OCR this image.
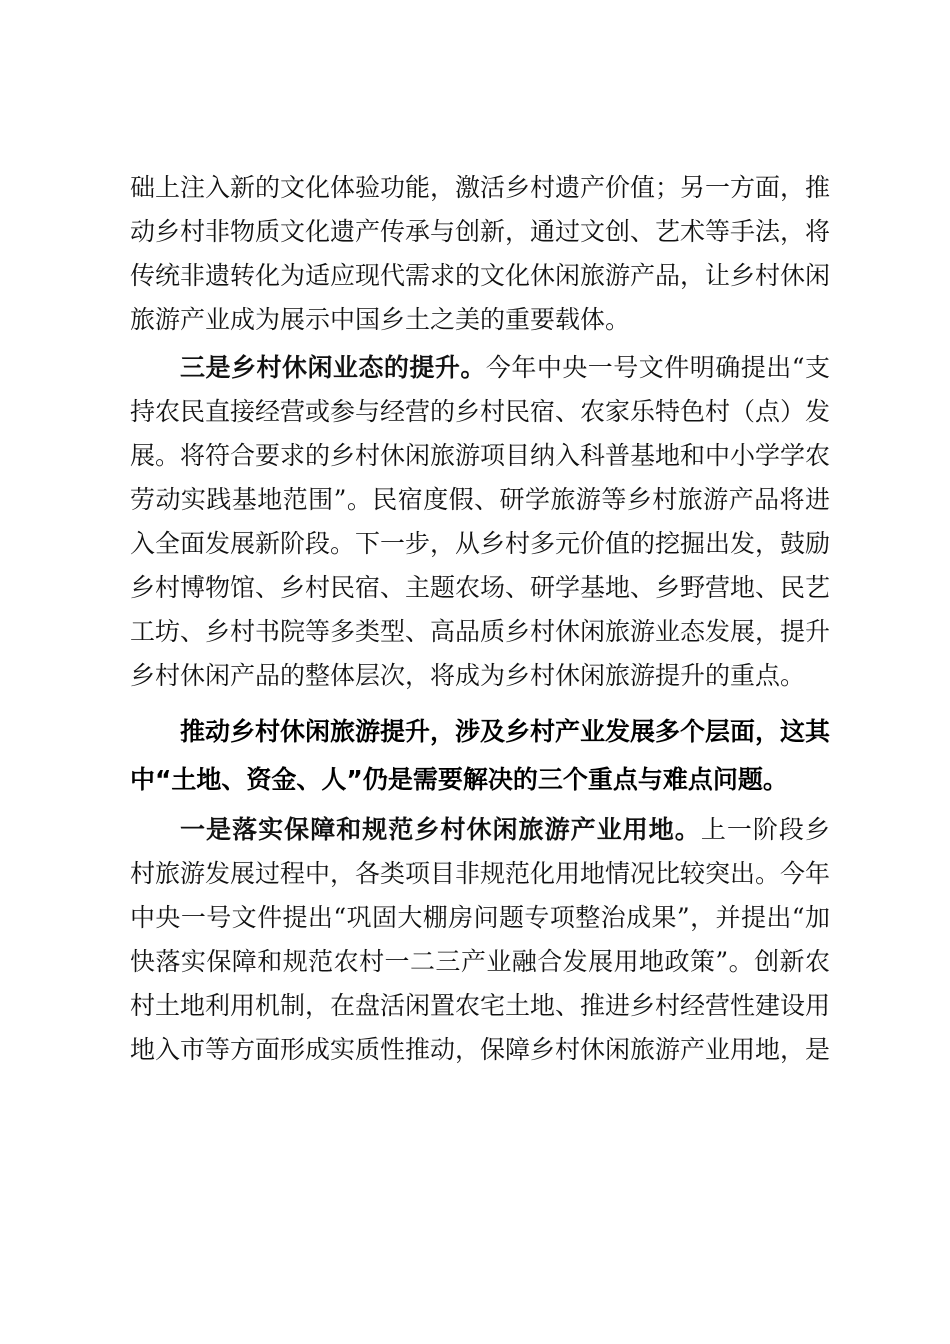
础上注入新的文化体验功能，激活乡村遗产价值；另一方面，推动乡村非物质文化遗产传承与创新，通过文创、艺术等手法，将传统非遗转化为适应现代需求的文化休闲旅游产品，让乡村休闲旅游产业成为展示中国乡土之美的重要载体。

三是乡村休闲业态的提升。今年中央一号文件明确提出“支持农民直接经营或参与经营的乡村民宿、农家乐特色村（点）发展。将符合要求的乡村休闲旅游项目纳入科普基地和中小学学农劳动实践基地范围”。民宿度假、研学旅游等乡村旅游产品将进入全面发展新阶段。下一步，从乡村多元价值的挖掘出发，鼓励乡村博物馆、乡村民宿、主题农场、研学基地、乡野营地、民艺工坊、乡村书院等多类型、高品质乡村休闲旅游业态发展，提升乡村休闲产品的整体层次，将成为乡村休闲旅游提升的重点。

推动乡村休闲旅游提升，涉及乡村产业发展多个层面，这其中“土地、资金、人”仍是需要解决的三个重点与难点问题。

一是落实保障和规范乡村休闲旅游产业用地。上一阶段乡村旅游发展过程中，各类项目非规范化用地情况比较突出。今年中央一号文件提出“巩固大棚房问题专项整治成果”，并提出“加快落实保障和规范农村一二三产业融合发展用地政策”。创新农村土地利用机制，在盘活闲置农宅土地、推进乡村经营性建设用地入市等方面形成实质性推动，保障乡村休闲旅游产业用地，是
